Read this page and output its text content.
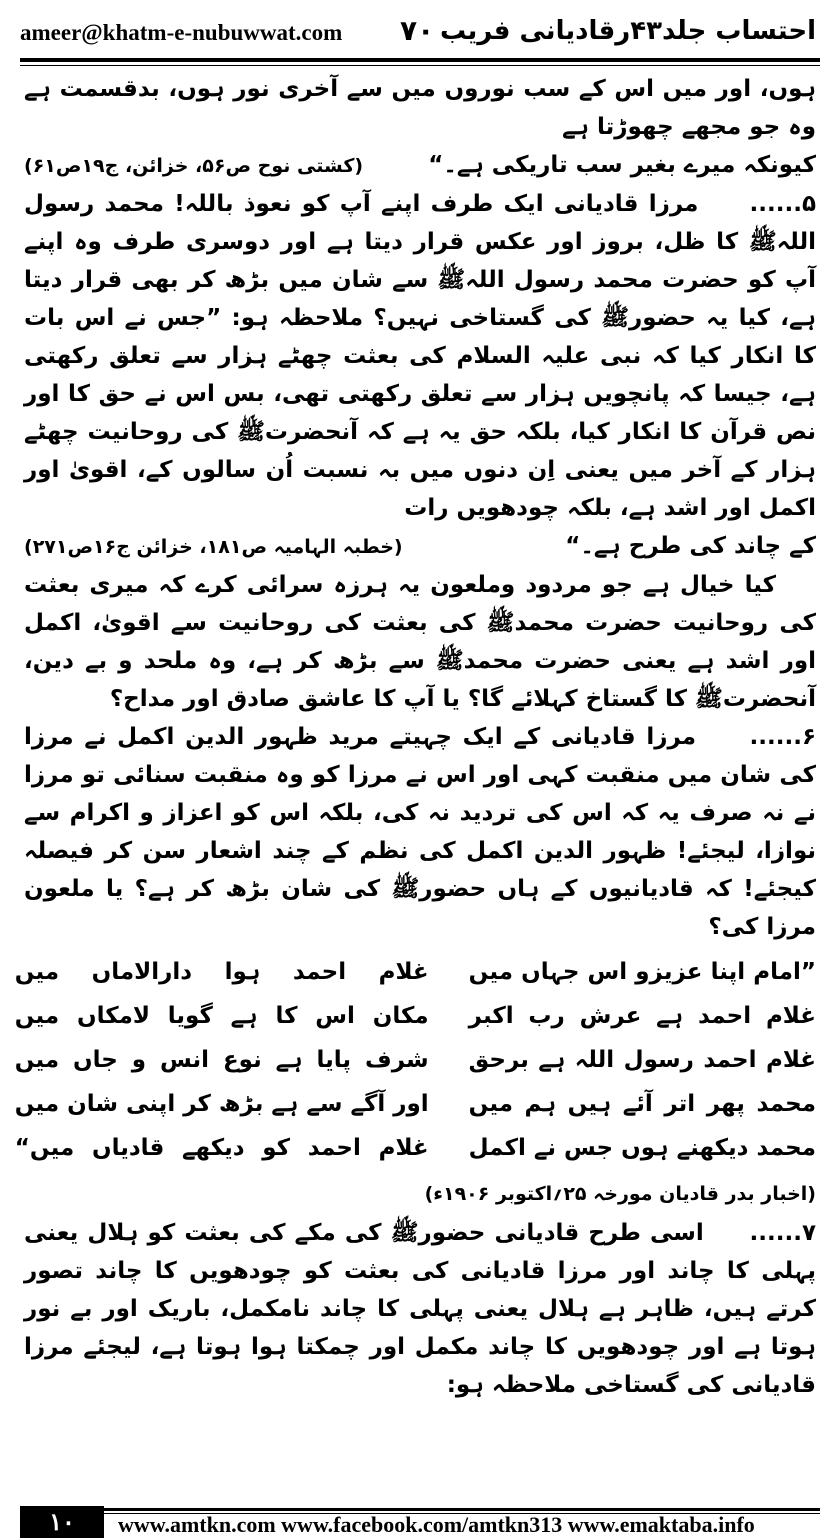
ameer@khatm-e-nubuwwat.com ۷۰ احتساب جلد۴۳رقادیانی فریب

ہوں، اور میں اس کے سب نوروں میں سے آخری نور ہوں، بدقسمت ہے وہ جو مجھے چھوڑتا ہے

کیونکہ میرے بغیر سب تاریکی ہے۔“
(کشتی نوح ص۵۶، خزائن، ج۱۹ص۶۱)

۵......     مرزا قادیانی ایک طرف اپنے آپ کو نعوذ باللہ! محمد رسول اللہﷺ کا ظل، بروز اور عکس قرار دیتا ہے اور دوسری طرف وہ اپنے آپ کو حضرت محمد رسول اللہﷺ سے شان میں بڑھ کر بھی قرار دیتا ہے، کیا یہ حضورﷺ کی گستاخی نہیں؟ ملاحظہ ہو: ”جس نے اس بات کا انکار کیا کہ نبی علیہ السلام کی بعثت چھٹے ہزار سے تعلق رکھتی ہے، جیسا کہ پانچویں ہزار سے تعلق رکھتی تھی، بس اس نے حق کا اور نص قرآن کا انکار کیا، بلکہ حق یہ ہے کہ آنحضرتﷺ کی روحانیت چھٹے ہزار کے آخر میں یعنی اِن دنوں میں بہ نسبت اُن سالوں کے، اقویٰ اور اکمل اور اشد ہے، بلکہ چودھویں رات

کے چاند کی طرح ہے۔“
(خطبہ الہامیہ ص۱۸۱، خزائن ج۱۶ص۲۷۱)

کیا خیال ہے جو مردود وملعون یہ ہرزہ سرائی کرے کہ میری بعثت کی روحانیت حضرت محمدﷺ کی بعثت کی روحانیت سے اقویٰ، اکمل اور اشد ہے یعنی حضرت محمدﷺ سے بڑھ کر ہے، وہ ملحد و بے دین، آنحضرتﷺ کا گستاخ کہلائے گا؟ یا آپ کا عاشق صادق اور مداح؟

۶......     مرزا قادیانی کے ایک چہیتے مرید ظہور الدین اکمل نے مرزا کی شان میں منقبت کہی اور اس نے مرزا کو وہ منقبت سنائی تو مرزا نے نہ صرف یہ کہ اس کی تردید نہ کی، بلکہ اس کو اعزاز و اکرام سے نوازا، لیجئے! ظہور الدین اکمل کی نظم کے چند اشعار سن کر فیصلہ کیجئے! کہ قادیانیوں کے ہاں حضورﷺ کی شان بڑھ کر ہے؟ یا ملعون مرزا کی؟

”امام اپنا عزیزو اس جہاں میں
غلام احمد ہے عرش رب اکبر
غلام احمد رسول اللہ ہے برحق
محمد پھر اتر آئے ہیں ہم میں
محمد دیکھنے ہوں جس نے اکمل
غلام احمد ہوا دارالاماں میں
مکان اس کا ہے گویا لامکاں میں
شرف پایا ہے نوع انس و جاں میں
اور آگے سے ہے بڑھ کر اپنی شان میں
غلام احمد کو دیکھے قادیاں میں“
(اخبار بدر قادیان مورخہ ۲۵؍اکتوبر ۱۹۰۶ء)

۷......     اسی طرح قادیانی حضورﷺ کی مکے کی بعثت کو ہلال یعنی پہلی کا چاند اور مرزا قادیانی کی بعثت کو چودھویں کا چاند تصور کرتے ہیں، ظاہر ہے ہلال یعنی پہلی کا چاند نامکمل، باریک اور بے نور ہوتا ہے اور چودھویں کا چاند مکمل اور چمکتا ہوا ہوتا ہے، لیجئے مرزا قادیانی کی گستاخی ملاحظہ ہو:

۱۰	www.amtkn.com www.facebook.com/amtkn313 www.emaktaba.info
